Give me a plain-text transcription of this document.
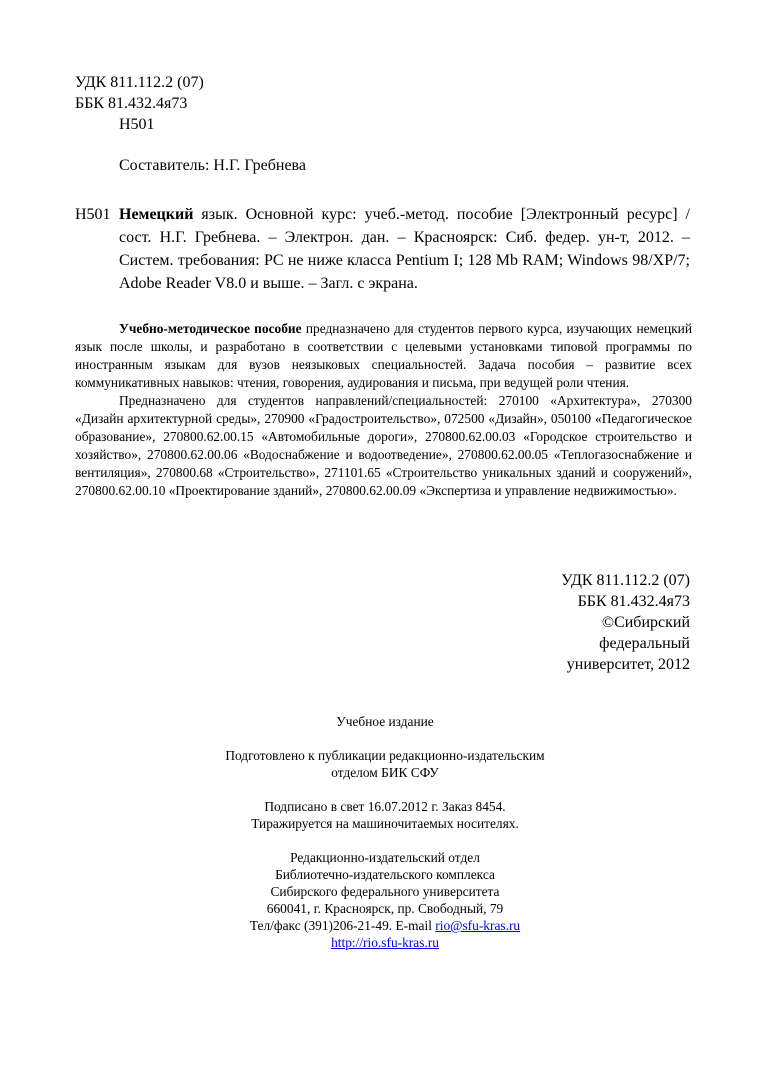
УДК 811.112.2 (07)
ББК 81.432.4я73
Н501
Составитель: Н.Г. Гребнева
Н501 Немецкий язык. Основной курс: учеб.-метод. пособие [Электронный ресурс] / сост. Н.Г. Гребнева. – Электрон. дан. – Красноярск: Сиб. федер. ун-т, 2012. – Систем. требования: PC не ниже класса Pentium I; 128 Mb RAM; Windows 98/XP/7; Adobe Reader V8.0 и выше. – Загл. с экрана.

Учебно-методическое пособие предназначено для студентов первого курса, изучающих немецкий язык после школы, и разработано в соответствии с целевыми установками типовой программы по иностранным языкам для вузов неязыковых специальностей. Задача пособия – развитие всех коммуникативных навыков: чтения, говорения, аудирования и письма, при ведущей роли чтения.

Предназначено для студентов направлений/специальностей: 270100 «Архитектура», 270300 «Дизайн архитектурной среды», 270900 «Градостроительство», 072500 «Дизайн», 050100 «Педагогическое образование», 270800.62.00.15 «Автомобильные дороги», 270800.62.00.03 «Городское строительство и хозяйство», 270800.62.00.06 «Водоснабжение и водоотведение», 270800.62.00.05 «Теплогазоснабжение и вентиляция», 270800.68 «Строительство», 271101.65 «Строительство уникальных зданий и сооружений», 270800.62.00.10 «Проектирование зданий», 270800.62.00.09 «Экспертиза и управление недвижимостью».

УДК 811.112.2 (07)
ББК 81.432.4я73
©Сибирский
федеральный
университет, 2012
Учебное издание
Подготовлено к публикации редакционно-издательским
отделом БИК СФУ
Подписано в свет 16.07.2012 г. Заказ 8454.
Тиражируется на машиночитаемых носителях.
Редакционно-издательский отдел
Библиотечно-издательского комплекса
Сибирского федерального университета
660041, г. Красноярск, пр. Свободный, 79
Тел/факс (391)206-21-49. E-mail rio@sfu-kras.ru
http://rio.sfu-kras.ru
